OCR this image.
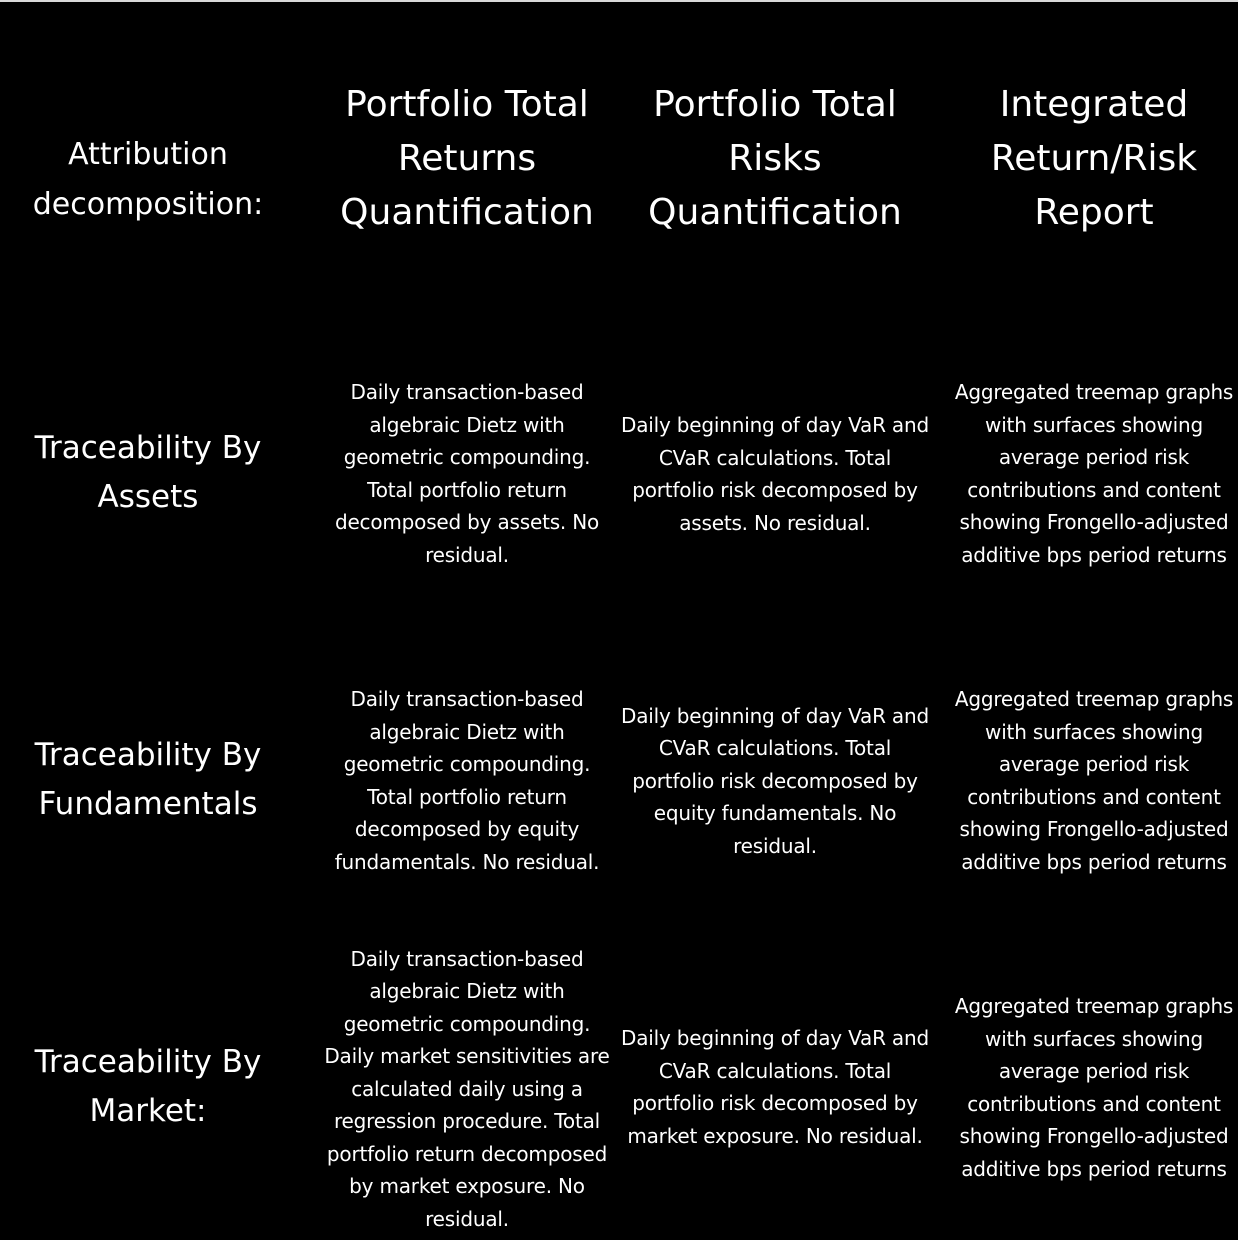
Attribution
decomposition:
Portfolio Total
Returns
Quantification
Portfolio Total
Risks
Quantification
Integrated
Return/Risk
Report
Traceability By
Assets
Daily transaction-based
algebraic Dietz with
geometric compounding.
Total portfolio return
decomposed by assets. No
residual.
Daily beginning of day VaR and
CVaR calculations. Total
portfolio risk decomposed by
assets. No residual.
Aggregated treemap graphs
with surfaces showing
average period risk
contributions and content
showing Frongello-adjusted
additive bps period returns
Traceability By
Fundamentals
Daily transaction-based
algebraic Dietz with
geometric compounding.
Total portfolio return
decomposed by equity
fundamentals. No residual.
Daily beginning of day VaR and
CVaR calculations. Total
portfolio risk decomposed by
equity fundamentals. No
residual.
Aggregated treemap graphs
with surfaces showing
average period risk
contributions and content
showing Frongello-adjusted
additive bps period returns
Traceability By
Market:
Daily transaction-based
algebraic Dietz with
geometric compounding.
Daily market sensitivities are
calculated daily using a
regression procedure. Total
portfolio return decomposed
by market exposure. No
residual.
Daily beginning of day VaR and
CVaR calculations. Total
portfolio risk decomposed by
market exposure. No residual.
Aggregated treemap graphs
with surfaces showing
average period risk
contributions and content
showing Frongello-adjusted
additive bps period returns
